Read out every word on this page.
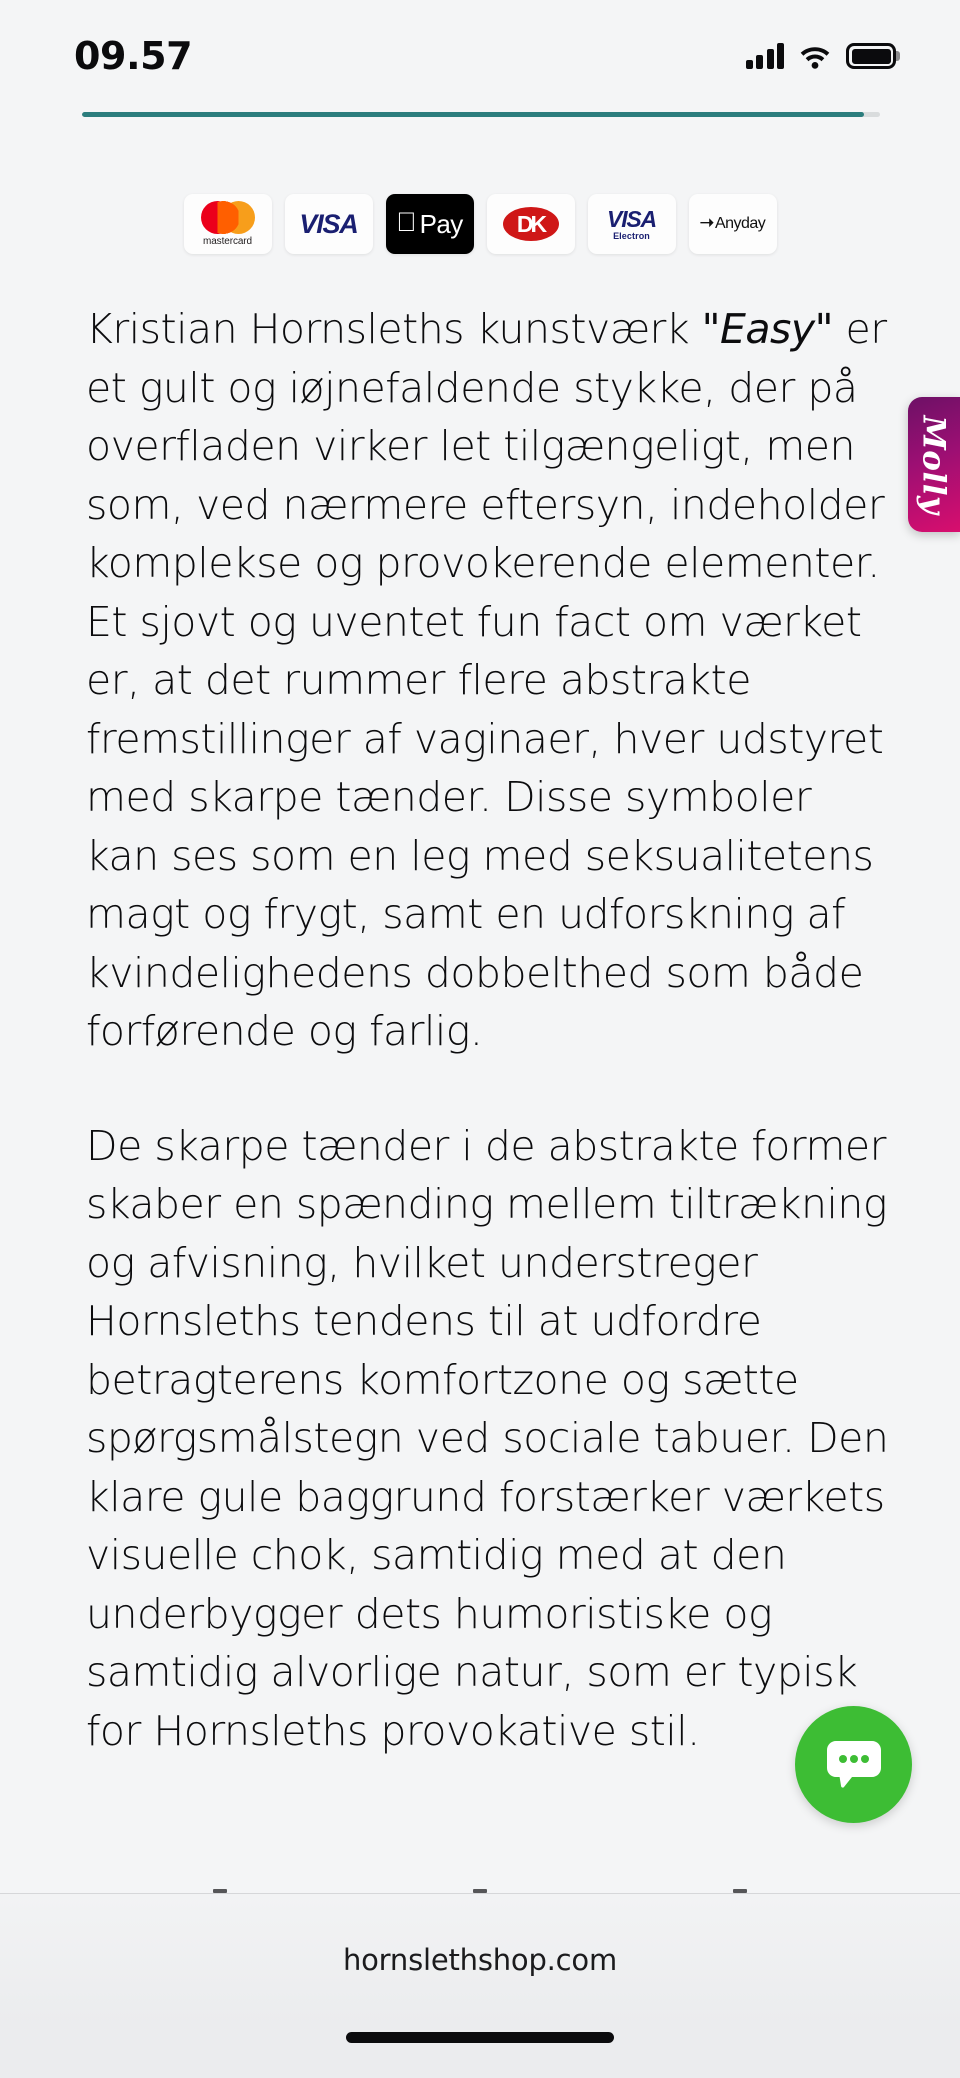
09.57
mastercard
VISA Pay	DK	VISA
Electron
➝ Anyday

Kristian Hornsleths kunstværk "Easy" er et gult og iøjnefaldende stykke, der på overfladen virker let tilgængeligt, men som, ved nærmere eftersyn, indeholder komplekse og provokerende elementer. Et sjovt og uventet fun fact om værket er, at det rummer flere abstrakte fremstillinger af vaginaer, hver udstyret med skarpe tænder. Disse symboler kan ses som en leg med seksualitetens magt og frygt, samt en udforskning af kvindelighedens dobbelthed som både forførende og farlig.

De skarpe tænder i de abstrakte former skaber en spænding mellem tiltrækning og afvisning, hvilket understreger Hornsleths tendens til at udfordre betragterens komfortzone og sætte spørgsmålstegn ved sociale tabuer. Den klare gule baggrund forstærker værkets visuelle chok, samtidig med at den underbygger dets humoristiske og samtidig alvorlige natur, som er typisk for Hornsleths provokative stil.

Molly
hornslethshop.com
